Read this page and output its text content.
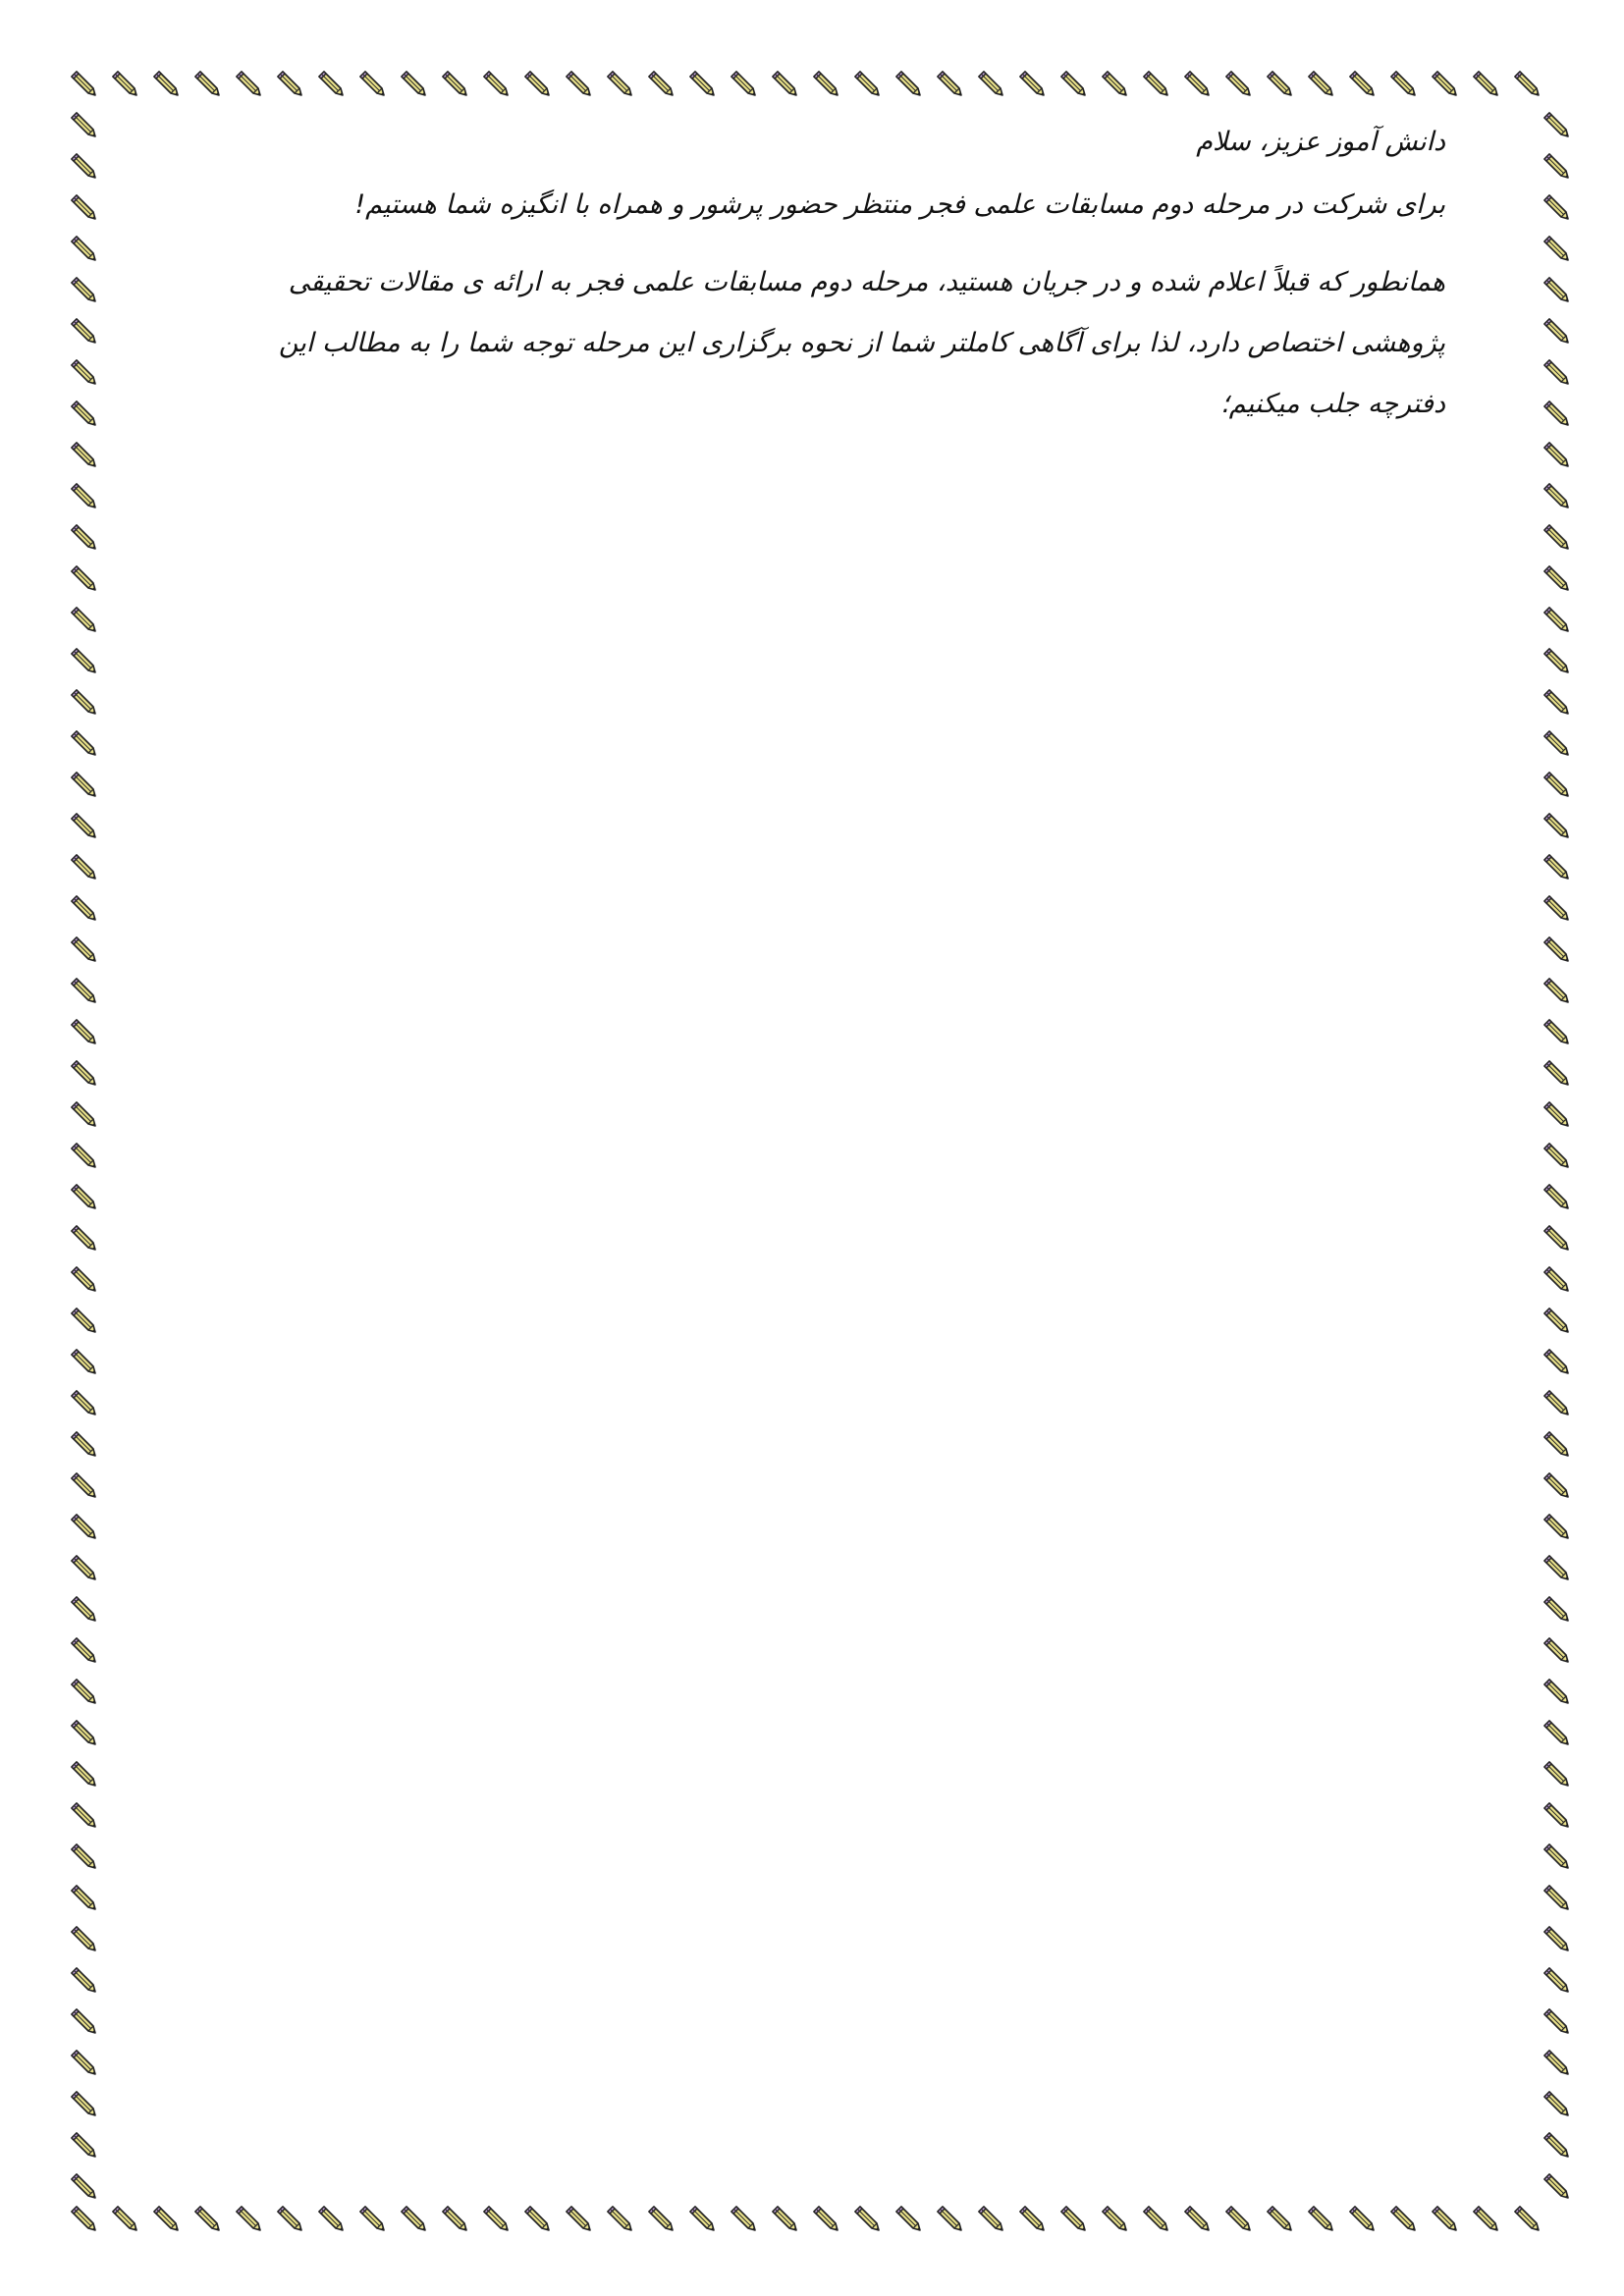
دانش آموز عزیز، سلام

برای شرکت در مرحله دوم مسابقات علمی فجر منتظر حضور پرشور و همراه با انگیزه شما هستیم!

همانطور که قبلاً اعلام شده و در جریان هستید، مرحله دوم مسابقات علمی فجر به ارائه ی مقالات تحقیقی پژوهشی اختصاص دارد، لذا برای آگاهی کاملتر شما از نحوه برگزاری این مرحله توجه شما را به مطالب این دفترچه جلب میکنیم؛
